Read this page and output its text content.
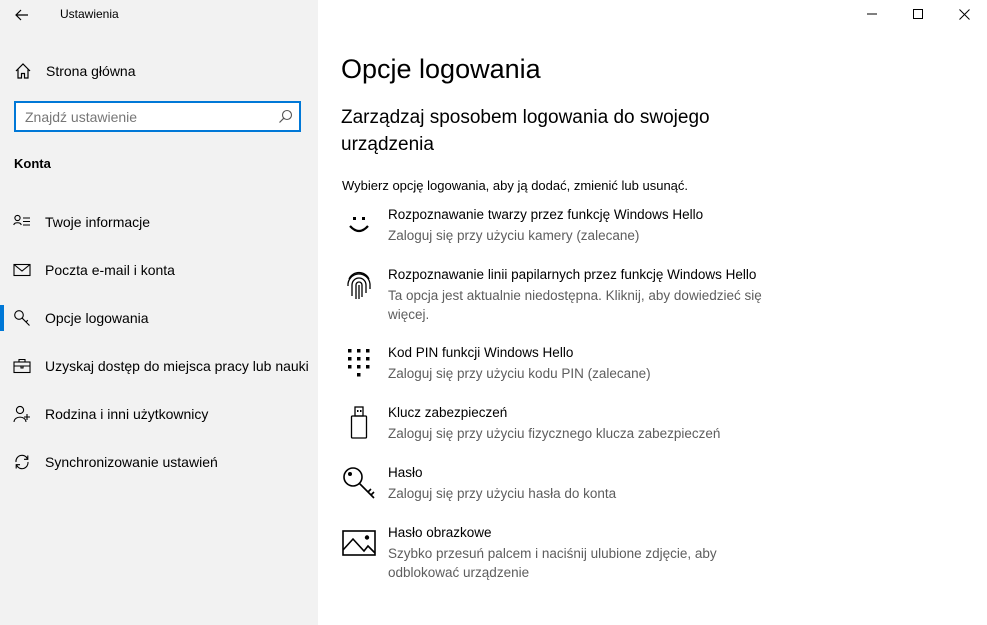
Ustawienia
Strona główna
Znajdź ustawienie
Konta
Twoje informacje
Poczta e-mail i konta
Opcje logowania
Uzyskaj dostęp do miejsca pracy lub nauki
Rodzina i inni użytkownicy
Synchronizowanie ustawień
Opcje logowania
Zarządzaj sposobem logowania do swojego urządzenia
Wybierz opcję logowania, aby ją dodać, zmienić lub usunąć.
Rozpoznawanie twarzy przez funkcję Windows Hello
Zaloguj się przy użyciu kamery (zalecane)
Rozpoznawanie linii papilarnych przez funkcję Windows Hello
Ta opcja jest aktualnie niedostępna. Kliknij, aby dowiedzieć się więcej.
Kod PIN funkcji Windows Hello
Zaloguj się przy użyciu kodu PIN (zalecane)
Klucz zabezpieczeń
Zaloguj się przy użyciu fizycznego klucza zabezpieczeń
Hasło
Zaloguj się przy użyciu hasła do konta
Hasło obrazkowe
Szybko przesuń palcem i naciśnij ulubione zdjęcie, aby odblokować urządzenie
